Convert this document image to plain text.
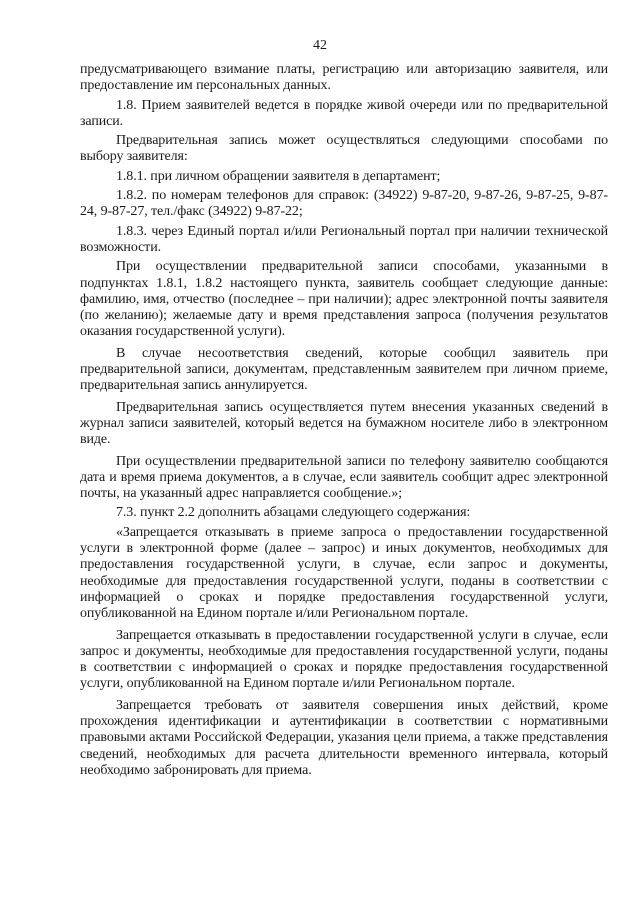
42

предусматривающего взимание платы, регистрацию или авторизацию заявителя, или предоставление им персональных данных.

1.8. Прием заявителей ведется в порядке живой очереди или по предварительной записи.

Предварительная запись может осуществляться следующими способами по выбору заявителя:

1.8.1. при личном обращении заявителя в департамент;

1.8.2. по номерам телефонов для справок: (34922) 9-87-20, 9-87-26, 9-87-25, 9-87-24, 9-87-27, тел./факс (34922) 9-87-22;

1.8.3. через Единый портал и/или Региональный портал при наличии технической возможности.

При осуществлении предварительной записи способами, указанными в подпунктах 1.8.1, 1.8.2 настоящего пункта, заявитель сообщает следующие данные: фамилию, имя, отчество (последнее – при наличии); адрес электронной почты заявителя (по желанию); желаемые дату и время представления запроса (получения результатов оказания государственной услуги).

В случае несоответствия сведений, которые сообщил заявитель при предварительной записи, документам, представленным заявителем при личном приеме, предварительная запись аннулируется.

Предварительная запись осуществляется путем внесения указанных сведений в журнал записи заявителей, который ведется на бумажном носителе либо в электронном виде.

При осуществлении предварительной записи по телефону заявителю сообщаются дата и время приема документов, а в случае, если заявитель сообщит адрес электронной почты, на указанный адрес направляется сообщение.»;

7.3. пункт 2.2 дополнить абзацами следующего содержания:

«Запрещается отказывать в приеме запроса о предоставлении государственной услуги в электронной форме (далее – запрос) и иных документов, необходимых для предоставления государственной услуги, в случае, если запрос и документы, необходимые для предоставления государственной услуги, поданы в соответствии с информацией о сроках и порядке предоставления государственной услуги, опубликованной на Едином портале и/или Региональном портале.

Запрещается отказывать в предоставлении государственной услуги в случае, если запрос и документы, необходимые для предоставления государственной услуги, поданы в соответствии с информацией о сроках и порядке предоставления государственной услуги, опубликованной на Едином портале и/или Региональном портале.

Запрещается требовать от заявителя совершения иных действий, кроме прохождения идентификации и аутентификации в соответствии с нормативными правовыми актами Российской Федерации, указания цели приема, а также представления сведений, необходимых для расчета длительности временного интервала, который необходимо забронировать для приема.
